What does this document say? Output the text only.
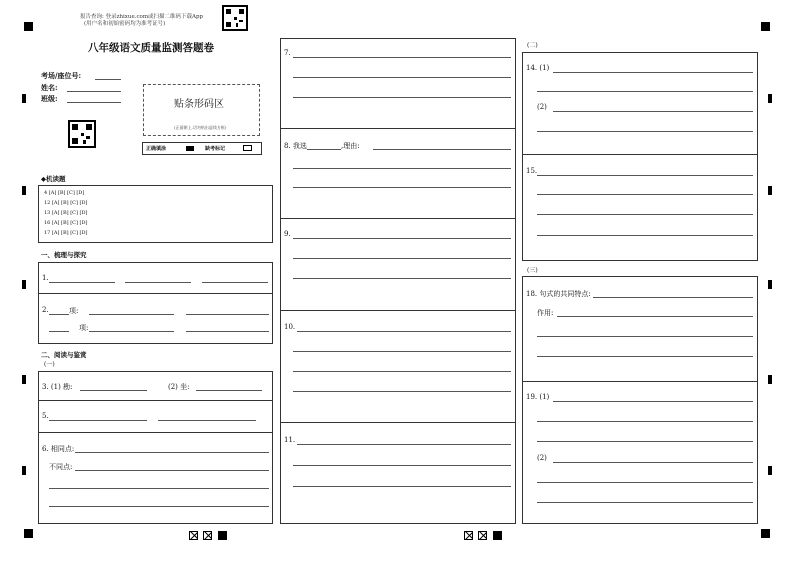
报告查询: 登录zhixue.com或扫描二维码下载App
(用户名和初始密码均为准考证号)
八年级语文质量监测答题卷
考场/座位号:
姓名:
班级:
贴条形码区
(正面朝上,切勿贴出虚线方框)
正确填涂	缺考标记
◆机读题
4 [A] [B] [C] [D]
12 [A] [B] [C] [D]
13 [A] [B] [C] [D]
16 [A] [B] [C] [D]
17 [A] [B] [C] [D]
一、梳理与探究
1.
2.	项:
项:
二、阅读与鉴赏
(一)
3. (1) 勘:	(2) 坐:
5.
6. 相同点:
不同点:
7.
8. 我选	,理由:
9.
10.
11.
(二)
14. (1)
(2)
15.
(三)
18. 句式的共同特点:
作用:
19. (1)
(2)
